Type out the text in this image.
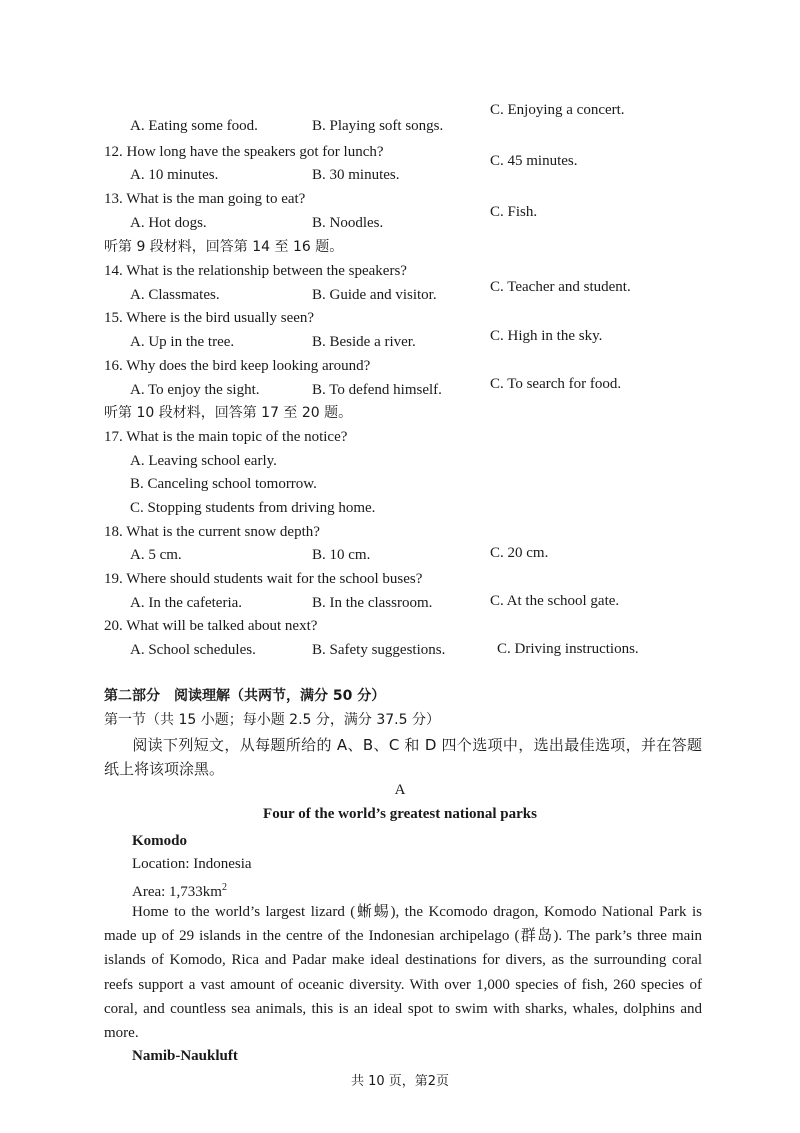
A. Eating some food.	B. Playing soft songs.
C. Enjoying a concert.
12. How long have the speakers got for lunch?
A. 10 minutes.	B. 30 minutes.
C. 45 minutes.
13. What is the man going to eat?
A. Hot dogs.	B. Noodles.
C. Fish.
听第 9 段材料，回答第 14 至 16 题。
14. What is the relationship between the speakers?
A. Classmates.	B. Guide and visitor.	C. Teacher and student.
15. Where is the bird usually seen?
A. Up in the tree.	B. Beside a river.	C. High in the sky.
16. Why does the bird keep looking around?
A. To enjoy the sight.	B. To defend himself.	C. To search for food.
听第 10 段材料，回答第 17 至 20 题。
17. What is the main topic of the notice?
A. Leaving school early.
B. Canceling school tomorrow.
C. Stopping students from driving home.
18. What is the current snow depth?
A. 5 cm.	B. 10 cm.	C. 20 cm.
19. Where should students wait for the school buses?
A. In the cafeteria.	B. In the classroom.	C. At the school gate.
20. What will be talked about next?
A. School schedules.	B. Safety suggestions.	C. Driving instructions.
第二部分　阅读理解（共两节，满分 50 分）
第一节（共 15 小题；每小题 2.5 分，满分 37.5 分）
阅读下列短文，从每题所给的 A、B、C 和 D 四个选项中，选出最佳选项，并在答题纸上将该项涂黑。
A
Four of the world’s greatest national parks
Komodo
Location: Indonesia
Area: $1,733km^2$
Home to the world’s largest lizard (蜥蜴), the Kcomodo dragon, Komodo National Park is made up of 29 islands in the centre of the Indonesian archipelago (群岛). The park’s three main islands of Komodo, Rica and Padar make ideal destinations for divers, as the surrounding coral reefs support a vast amount of oceanic diversity. With over 1,000 species of fish, 260 species of coral, and countless sea animals, this is an ideal spot to swim with sharks, whales, dolphins and more.
Namib-Naukluft
共 10 页，第2页
